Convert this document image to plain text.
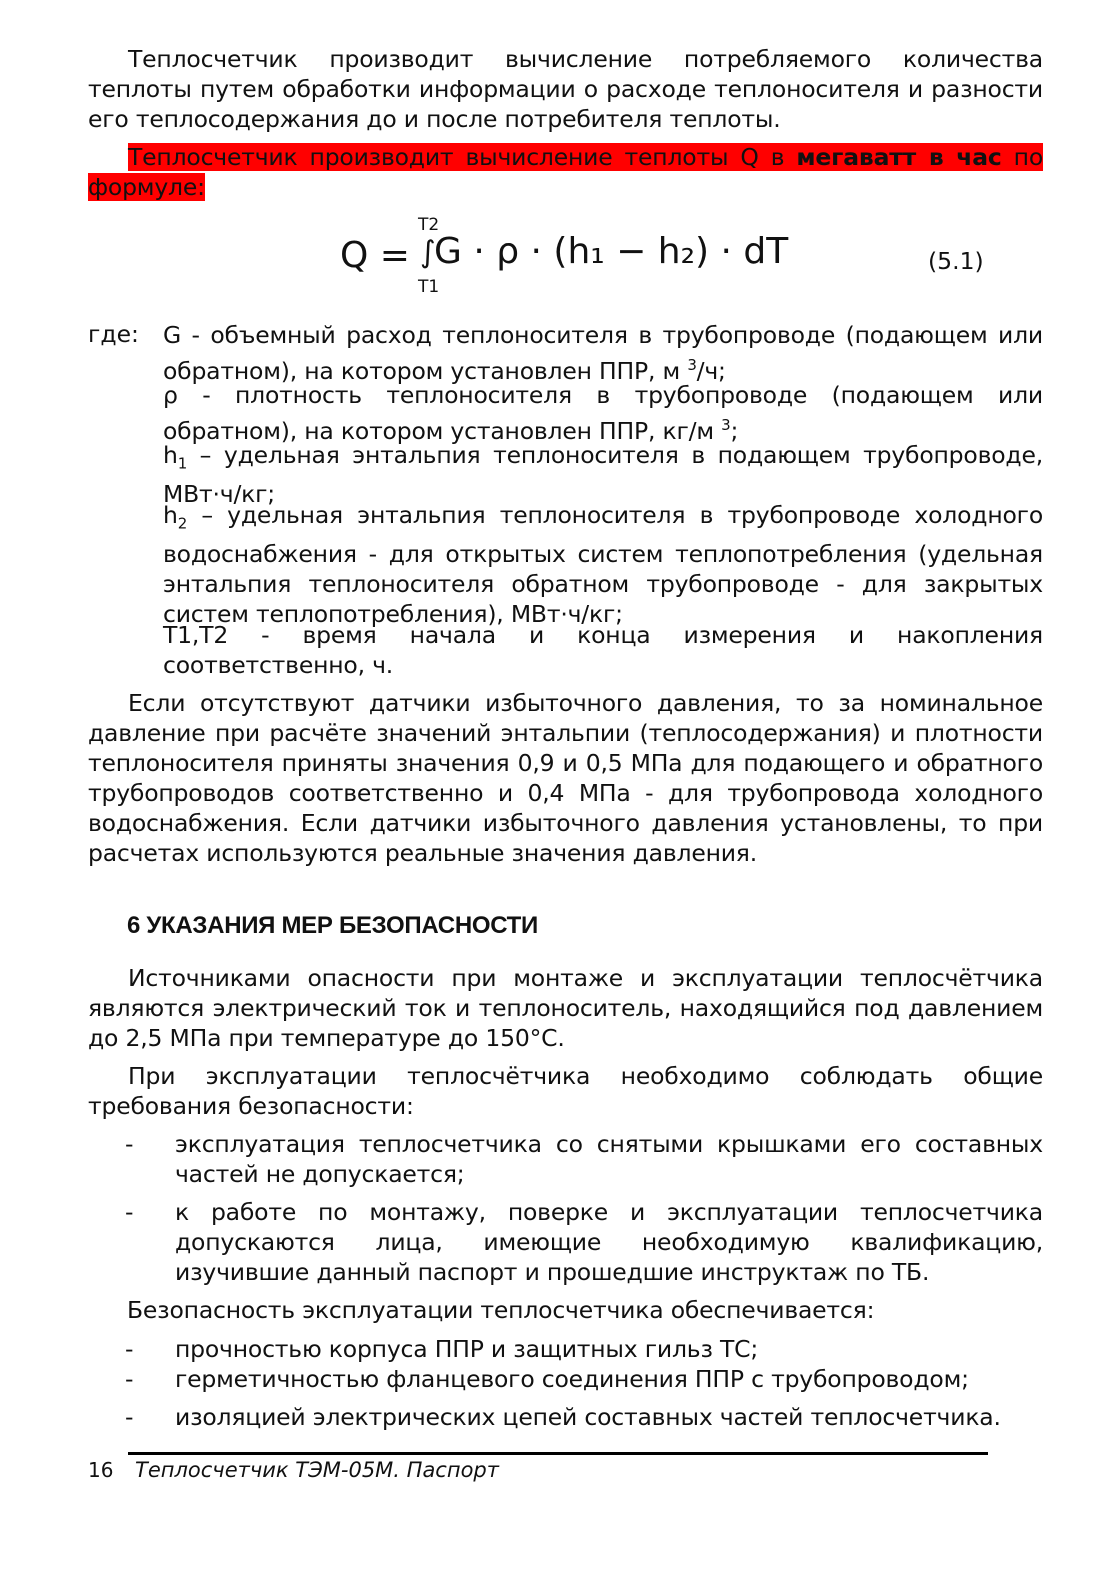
Теплосчетчик производит вычисление потребляемого количества теплоты путем обработки информации о расходе теплоносителя и разности его теплосодержания до и после потребителя теплоты.
Теплосчетчик производит вычисление теплоты Q в мегаватт в час по формуле:
Q = ∫
T2
T1
G · ρ · (h₁ − h₂) · dT	(5.1)
где: G - объемный расход теплоносителя в трубопроводе (подающем или обратном), на котором установлен ППР, м $^3$/ч;
ρ - плотность теплоносителя в трубопроводе (подающем или обратном), на котором установлен ППР, кг/м $^3$;
$h_1$ – удельная энтальпия теплоносителя в подающем трубопроводе, МВт·ч/кг;
$h_2$ – удельная энтальпия теплоносителя в трубопроводе холодного водоснабжения - для открытых систем теплопотребления (удельная энтальпия теплоносителя обратном трубопроводе - для закрытых систем теплопотребления), МВт·ч/кг;
T1,T2 - время начала и конца измерения и накопления соответственно, ч.
Если отсутствуют датчики избыточного давления, то за номинальное давление при расчёте значений энтальпии (теплосодержания) и плотности теплоносителя приняты значения 0,9 и 0,5 МПа для подающего и обратного трубопроводов соответственно и 0,4 МПа - для трубопровода холодного водоснабжения. Если датчики избыточного давления установлены, то при расчетах используются реальные значения давления.
6 УКАЗАНИЯ МЕР БЕЗОПАСНОСТИ
Источниками опасности при монтаже и эксплуатации теплосчётчика являются электрический ток и теплоноситель, находящийся под давлением до 2,5 МПа при температуре до 150°С.
При эксплуатации теплосчётчика необходимо соблюдать общие требования безопасности:
- эксплуатация теплосчетчика со снятыми крышками его составных частей не допускается;
- к работе по монтажу, поверке и эксплуатации теплосчетчика допускаются лица, имеющие необходимую квалификацию, изучившие данный паспорт и прошедшие инструктаж по ТБ.
Безопасность эксплуатации теплосчетчика обеспечивается:
- прочностью корпуса ППР и защитных гильз ТС;
- герметичностью фланцевого соединения ППР с трубопроводом;
- изоляцией электрических цепей составных частей теплосчетчика.
16 Теплосчетчик ТЭМ-05М. Паспорт
